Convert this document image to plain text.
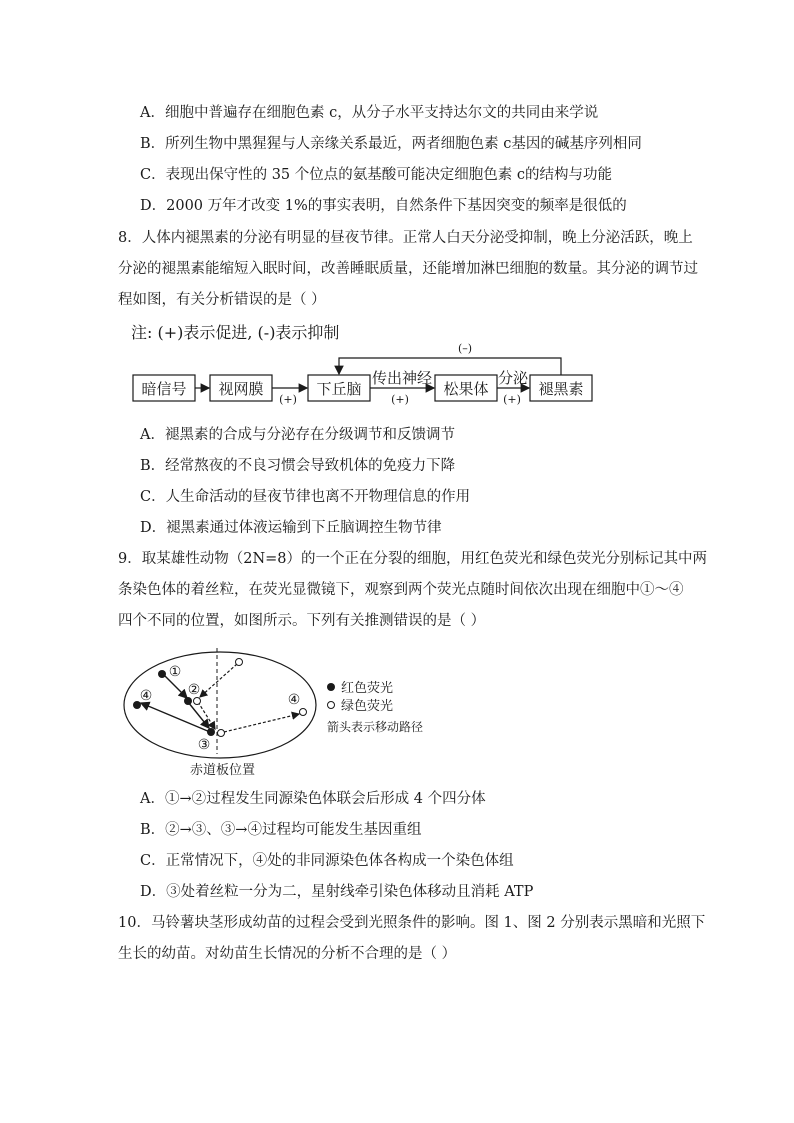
A．细胞中普遍存在细胞色素 c，从分子水平支持达尔文的共同由来学说
B．所列生物中黑猩猩与人亲缘关系最近，两者细胞色素 c基因的碱基序列相同
C．表现出保守性的 35 个位点的氨基酸可能决定细胞色素 c的结构与功能
D．2000 万年才改变 1%的事实表明，自然条件下基因突变的频率是很低的
8．人体内褪黑素的分泌有明显的昼夜节律。正常人白天分泌受抑制，晚上分泌活跃，晚上
分泌的褪黑素能缩短入眠时间，改善睡眠质量，还能增加淋巴细胞的数量。其分泌的调节过
程如图，有关分析错误的是（ ）
注: (+)表示促进, (-)表示抑制
暗信号 视网膜	下丘脑	松果体	褪黑素
传出神经	分泌
(+)	(+)	(+)
(–)
A．褪黑素的合成与分泌存在分级调节和反馈调节
B．经常熬夜的不良习惯会导致机体的免疫力下降
C．人生命活动的昼夜节律也离不开物理信息的作用
D．褪黑素通过体液运输到下丘脑调控生物节律
9．取某雄性动物（2N=8）的一个正在分裂的细胞，用红色荧光和绿色荧光分别标记其中两
条染色体的着丝粒，在荧光显微镜下，观察到两个荧光点随时间依次出现在细胞中①～④
四个不同的位置，如图所示。下列有关推测错误的是（ ）
①
②
③
④	④
红色荧光
绿色荧光
箭头表示移动路径
赤道板位置
A．①→②过程发生同源染色体联会后形成 4 个四分体
B．②→③、③→④过程均可能发生基因重组
C．正常情况下，④处的非同源染色体各构成一个染色体组
D．③处着丝粒一分为二，星射线牵引染色体移动且消耗 ATP
10．马铃薯块茎形成幼苗的过程会受到光照条件的影响。图 1、图 2 分别表示黑暗和光照下
生长的幼苗。对幼苗生长情况的分析不合理的是（ ）
